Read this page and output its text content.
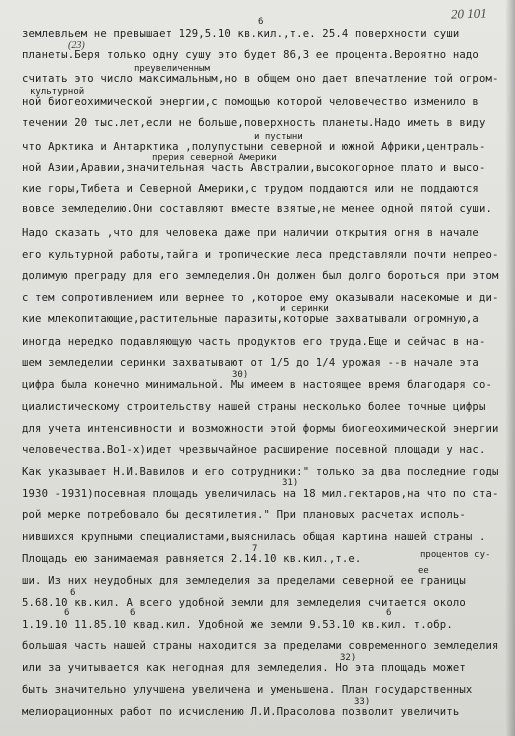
20 101
землевльем не превышает 129,5.10 кв.кил.,т.е. 25.4 поверхности суши
планеты.Беря только одну сушу это будет 86,3 ее процента.Вероятно надо
считать это число максимальным,но в общем оно дает впечатление той огром-
ной биогеохимической энергии,с помощью которой человечество изменило в
течении 20 тыс.лет,если не больше,поверхность планеты.Надо иметь в виду
что Арктика и Антарктика ,полупустыни северной и южной Африки,централь-
ной Азии,Аравии,значительная часть Австралии,высокогорное плато и высо-
кие горы,Тибета и Северной Америки,с трудом поддаются или не поддаются
вовсе земледелию.Они составляют вместе взятые,не менее одной пятой суши.
Надо сказать ,что для человека даже при наличии открытия огня в начале
его культурной работы,тайга и тропические леса представляли почти непрео-
долимую преграду для его земледелия.Он должен был долго бороться при этом
с тем сопротивлением или вернее то ,которое ему оказывали насекомые и ди-
кие млекопитающие,растительные паразиты,которые захватывали огромную,а
иногда нередко подавляющую часть продуктов его труда.Еще и сейчас в на-
шем земледелии серинки захватывают от 1/5 до 1/4 урожая --в начале эта
цифра была конечно минимальной. Мы имеем в настоящее время благодаря со-
циалистическому строительству нашей страны несколько более точные цифры
для учета интенсивности и возможности этой формы биогеохимической энергии
человечества.Во1-х)идет чрезвычайное расширение посевной площади у нас.
Как указывает Н.И.Вавилов и его сотрудники:" только за два последние годы
1930 -1931)посевная площадь увеличилась на 18 мил.гектаров,на что по ста-
рой мерке потребовало бы десятилетия." При плановых расчетах исполь-
нившихся крупными специалистами,выяснилась общая картина нашей страны .
Площадь ею занимаемая равняется 2.14.10 кв.кил.,т.е.
ши. Из них неудобных для земледелия за пределами северной ее границы
5.68.10 кв.кил. А всего удобной земли для земледелия считается около
1.19.10 11.85.10 квад.кил. Удобной же земли 9.53.10 кв.кил. т.обр.
большая часть нашей страны находится за пределами современного земледелия
или за учитывается как негодная для земледелия. Но эта площадь может
быть значительно улучшена увеличена и уменьшена. План государственных
мелиорационных работ по исчислению Л.И.Прасолова позволит увеличить
6
(23)
преувеличенным
культурной
и пустыни
прерия северной Америки
и серинки
30)
31)
7
процентов су-
ее
6
6	6	6
32)
33)
